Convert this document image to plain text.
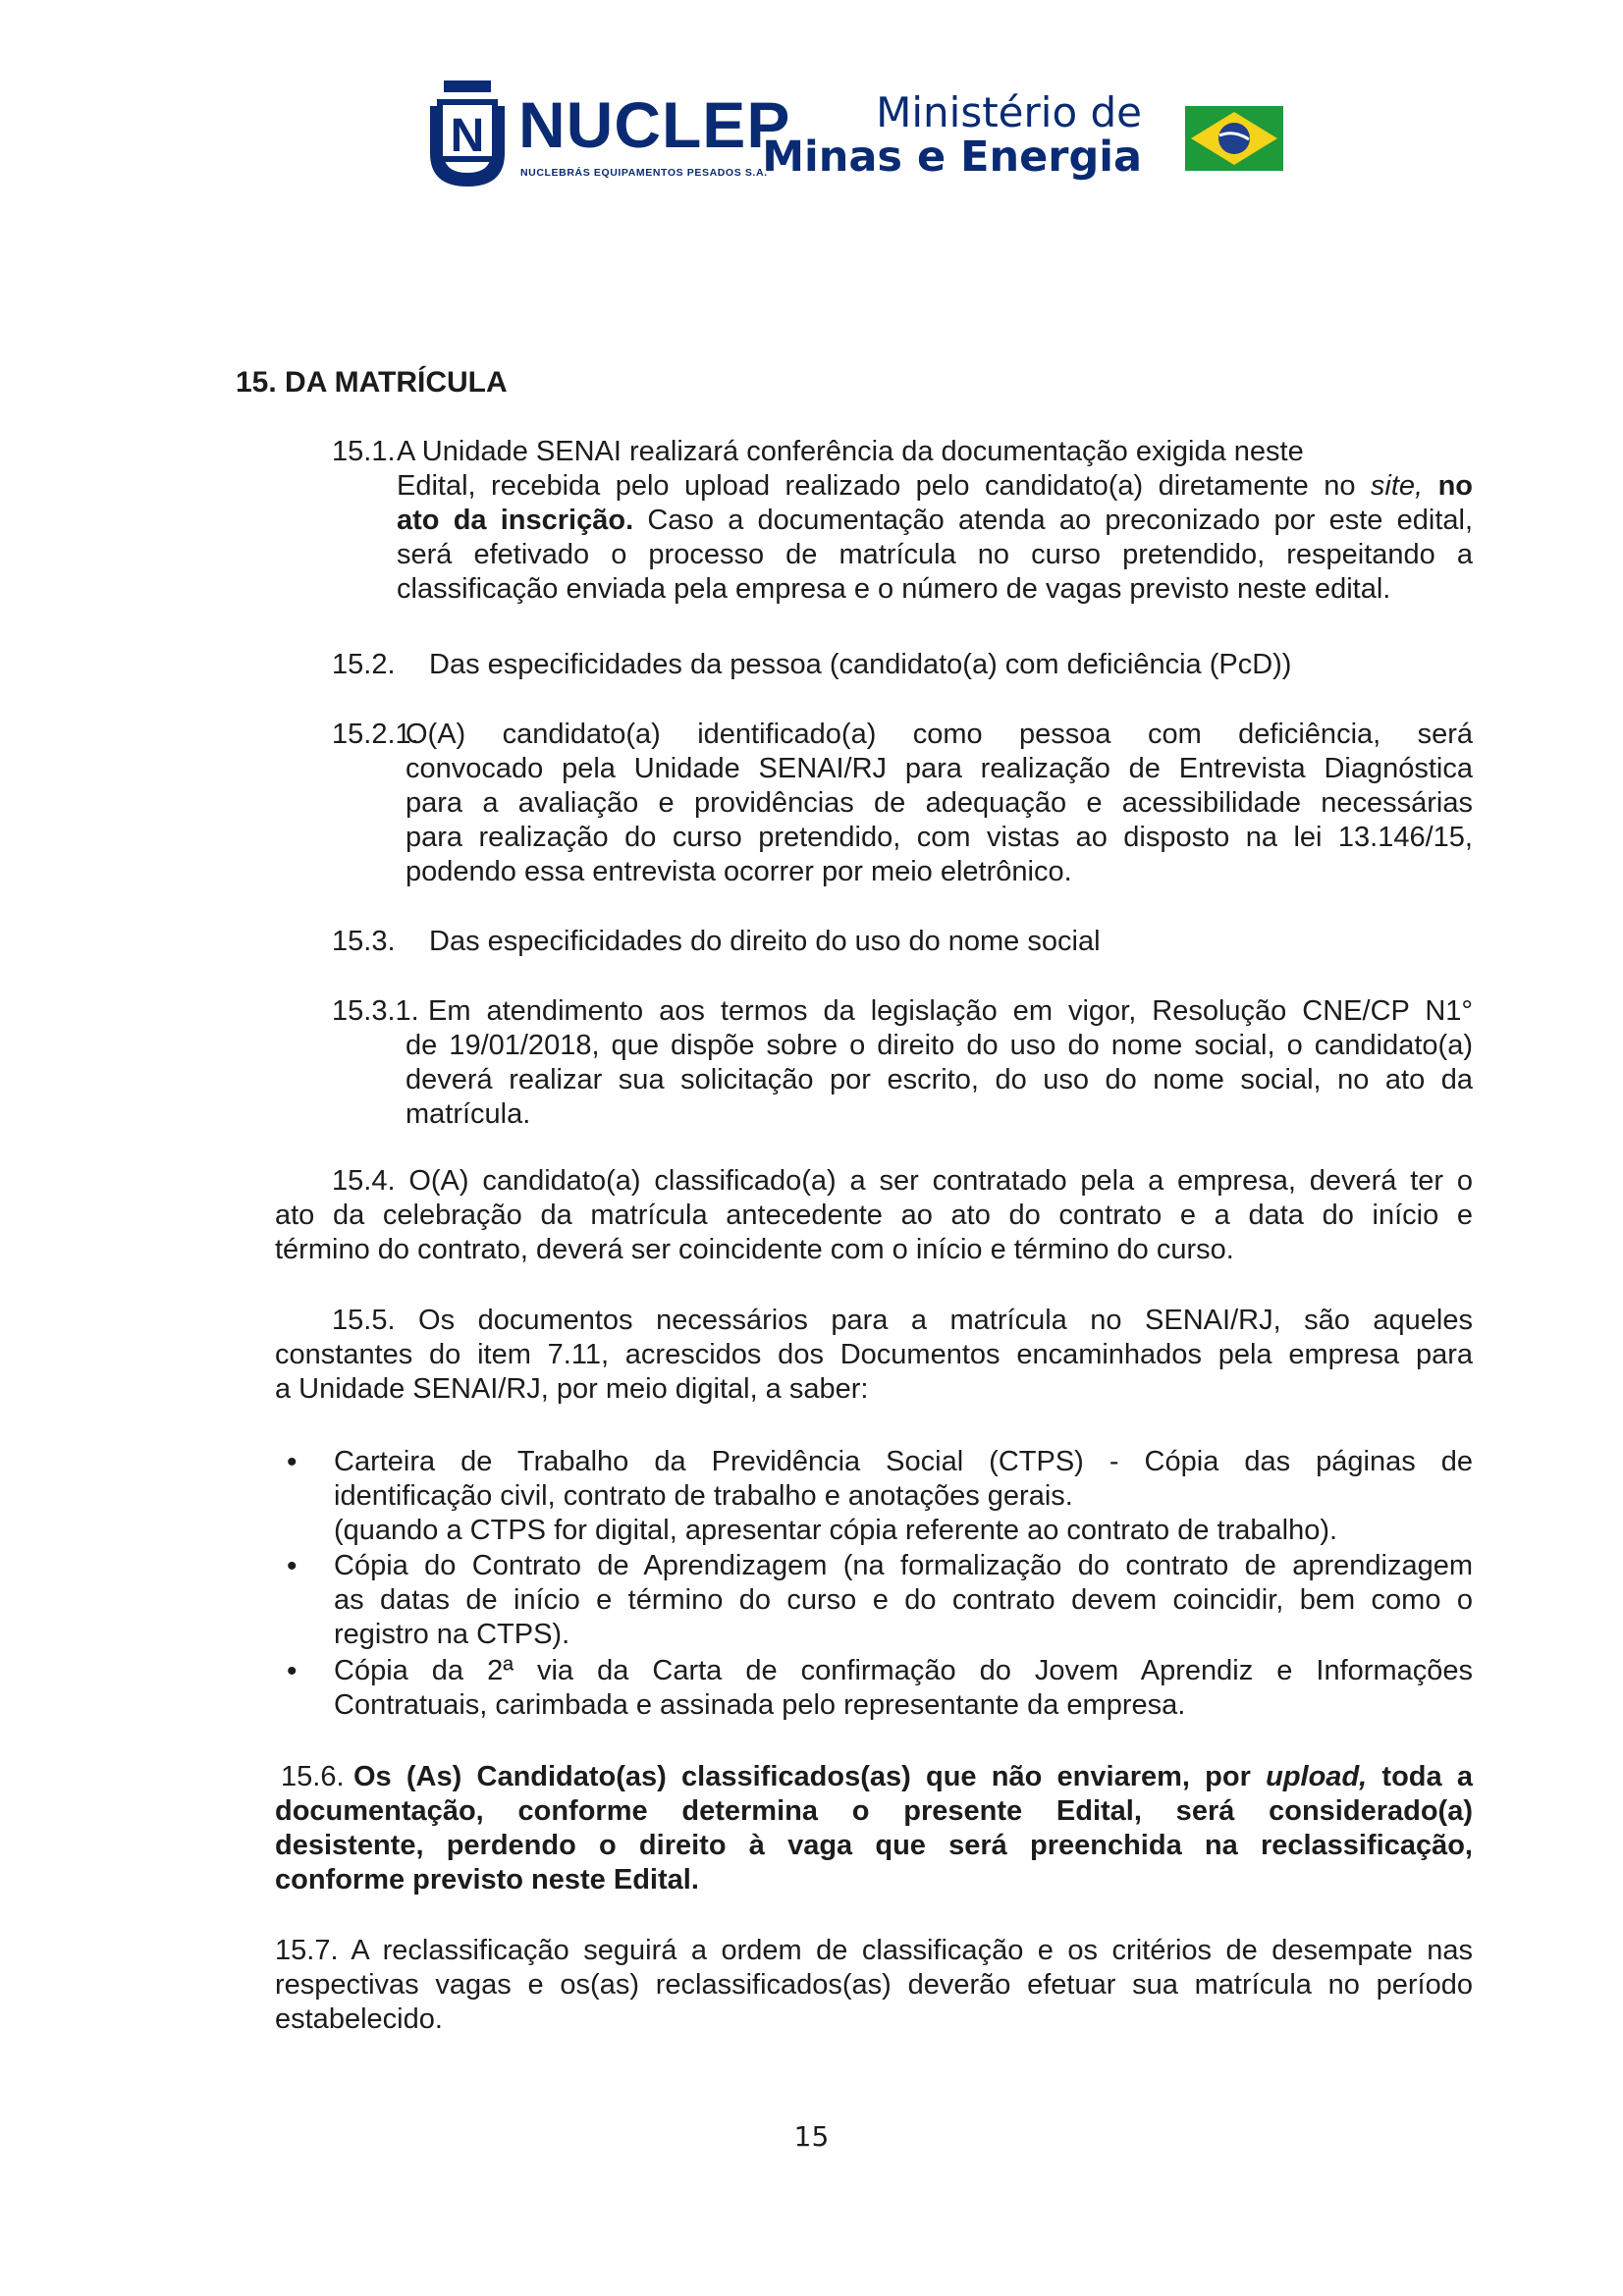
N NUCLEP
NUCLEBRÁS EQUIPAMENTOS PESADOS S.A.
Ministério de
Minas e Energia
15. DA MATRÍCULA
15.1. A Unidade SENAI realizará conferência da documentação exigida neste
Edital, recebida pelo upload realizado pelo candidato(a) diretamente no site, no
ato da inscrição. Caso a documentação atenda ao preconizado por este edital,
será efetivado o processo de matrícula no curso pretendido, respeitando a
classificação enviada pela empresa e o número de vagas previsto neste edital.
15.2. Das especificidades da pessoa (candidato(a) com deficiência (PcD))
15.2.1.
O(A) candidato(a) identificado(a) como pessoa com deficiência, será
convocado pela Unidade SENAI/RJ para realização de Entrevista Diagnóstica
para a avaliação e providências de adequação e acessibilidade necessárias
para realização do curso pretendido, com vistas ao disposto na lei 13.146/15,
podendo essa entrevista ocorrer por meio eletrônico.
15.3. Das especificidades do direito do uso do nome social
15.3.1. Em atendimento aos termos da legislação em vigor, Resolução CNE/CP N1°
de 19/01/2018, que dispõe sobre o direito do uso do nome social, o candidato(a)
deverá realizar sua solicitação por escrito, do uso do nome social, no ato da
matrícula.
15.4. O(A) candidato(a) classificado(a) a ser contratado pela a empresa, deverá ter o
ato da celebração da matrícula antecedente ao ato do contrato e a data do início e
término do contrato, deverá ser coincidente com o início e término do curso.
15.5. Os documentos necessários para a matrícula no SENAI/RJ, são aqueles
constantes do item 7.11, acrescidos dos Documentos encaminhados pela empresa para
a Unidade SENAI/RJ, por meio digital, a saber:
• Carteira de Trabalho da Previdência Social (CTPS) - Cópia das páginas de
identificação civil, contrato de trabalho e anotações gerais.
(quando a CTPS for digital, apresentar cópia referente ao contrato de trabalho).
• Cópia do Contrato de Aprendizagem (na formalização do contrato de aprendizagem
as datas de início e término do curso e do contrato devem coincidir, bem como o
registro na CTPS).
• Cópia da 2ª via da Carta de confirmação do Jovem Aprendiz e Informações
Contratuais, carimbada e assinada pelo representante da empresa.
15.6. Os (As) Candidato(as) classificados(as) que não enviarem, por upload, toda a
documentação, conforme determina o presente Edital, será considerado(a)
desistente, perdendo o direito à vaga que será preenchida na reclassificação,
conforme previsto neste Edital.
15.7. A reclassificação seguirá a ordem de classificação e os critérios de desempate nas
respectivas vagas e os(as) reclassificados(as) deverão efetuar sua matrícula no período
estabelecido.
15
